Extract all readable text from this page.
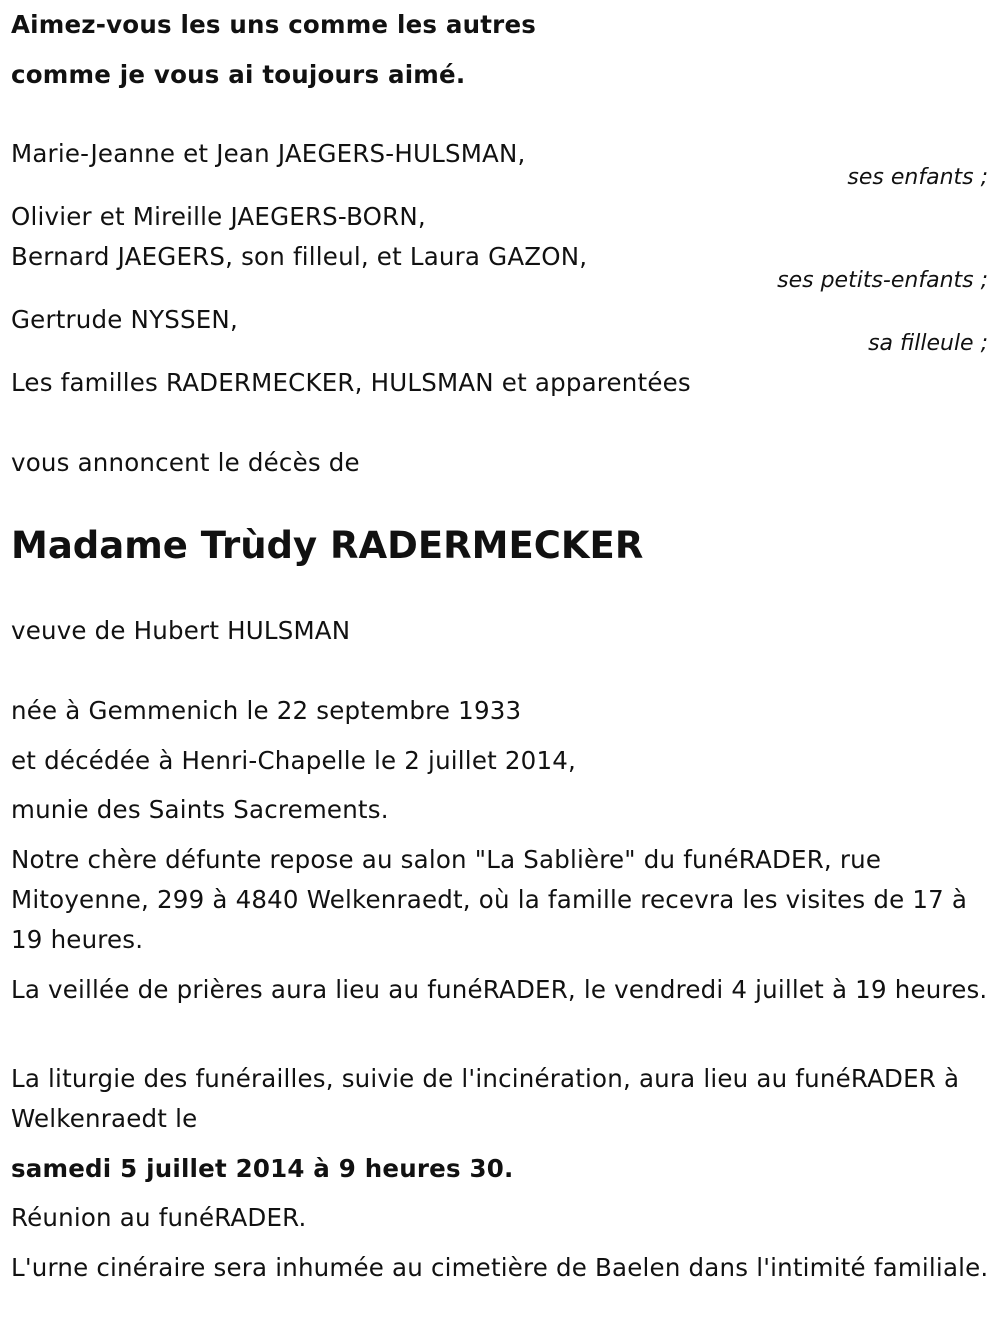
Aimez-vous les uns comme les autres

comme je vous ai toujours aimé.

Marie-Jeanne et Jean JAEGERS-HULSMAN,

ses enfants ;

Olivier et Mireille JAEGERS-BORN,

Bernard JAEGERS, son filleul, et Laura GAZON,

ses petits-enfants ;

Gertrude NYSSEN,

sa filleule ;

Les familles RADERMECKER, HULSMAN et apparentées

vous annoncent le décès de

Madame Trùdy RADERMECKER

veuve de Hubert HULSMAN

née à Gemmenich le 22 septembre 1933

et décédée à Henri-Chapelle le 2 juillet 2014,

munie des Saints Sacrements.

Notre chère défunte repose au salon "La Sablière" du funéRADER, rue Mitoyenne, 299 à 4840 Welkenraedt, où la famille recevra les visites de 17 à 19 heures.

La veillée de prières aura lieu au funéRADER, le vendredi 4 juillet à 19 heures.

La liturgie des funérailles, suivie de l'incinération, aura lieu au funéRADER à Welkenraedt le

samedi 5 juillet 2014 à 9 heures 30.

Réunion au funéRADER.

L'urne cinéraire sera inhumée au cimetière de Baelen dans l'intimité familiale.
